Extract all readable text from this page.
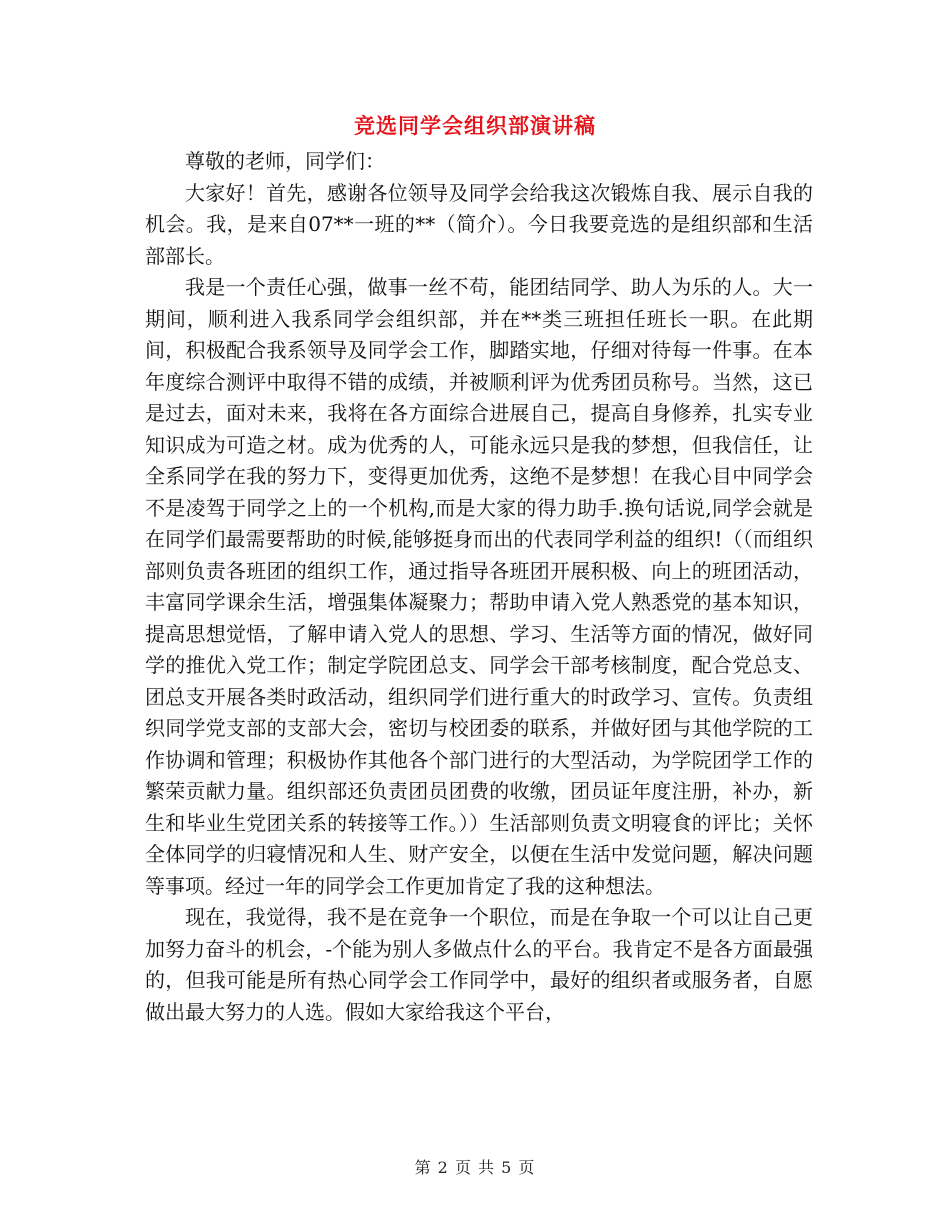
竞选同学会组织部演讲稿

尊敬的老师，同学们：

大家好！首先，感谢各位领导及同学会给我这次锻炼自我、展示自我的机会。我，是来自07**一班的**（简介）。今日我要竞选的是组织部和生活部部长。

我是一个责任心强，做事一丝不苟，能团结同学、助人为乐的人。大一期间，顺利进入我系同学会组织部，并在**类三班担任班长一职。在此期间，积极配合我系领导及同学会工作，脚踏实地，仔细对待每一件事。在本年度综合测评中取得不错的成绩，并被顺利评为优秀团员称号。当然，这已是过去，面对未来，我将在各方面综合进展自己，提高自身修养，扎实专业知识成为可造之材。成为优秀的人，可能永远只是我的梦想，但我信任，让全系同学在我的努力下，变得更加优秀，这绝不是梦想！在我心目中同学会不是凌驾于同学之上的一个机构,而是大家的得力助手.换句话说,同学会就是在同学们最需要帮助的时候,能够挺身而出的代表同学利益的组织!（（而组织部则负责各班团的组织工作，通过指导各班团开展积极、向上的班团活动，丰富同学课余生活，增强集体凝聚力；帮助申请入党人熟悉党的基本知识，提高思想觉悟，了解申请入党人的思想、学习、生活等方面的情况，做好同学的推优入党工作；制定学院团总支、同学会干部考核制度，配合党总支、团总支开展各类时政活动，组织同学们进行重大的时政学习、宣传。负责组织同学党支部的支部大会，密切与校团委的联系，并做好团与其他学院的工作协调和管理；积极协作其他各个部门进行的大型活动，为学院团学工作的繁荣贡献力量。组织部还负责团员团费的收缴，团员证年度注册，补办，新生和毕业生党团关系的转接等工作。））生活部则负责文明寝食的评比；关怀全体同学的归寝情况和人生、财产安全，以便在生活中发觉问题，解决问题等事项。经过一年的同学会工作更加肯定了我的这种想法。

现在，我觉得，我不是在竞争一个职位，而是在争取一个可以让自己更加努力奋斗的机会，-个能为别人多做点什么的平台。我肯定不是各方面最强的，但我可能是所有热心同学会工作同学中，最好的组织者或服务者，自愿做出最大努力的人选。假如大家给我这个平台，

第 2 页 共 5 页
